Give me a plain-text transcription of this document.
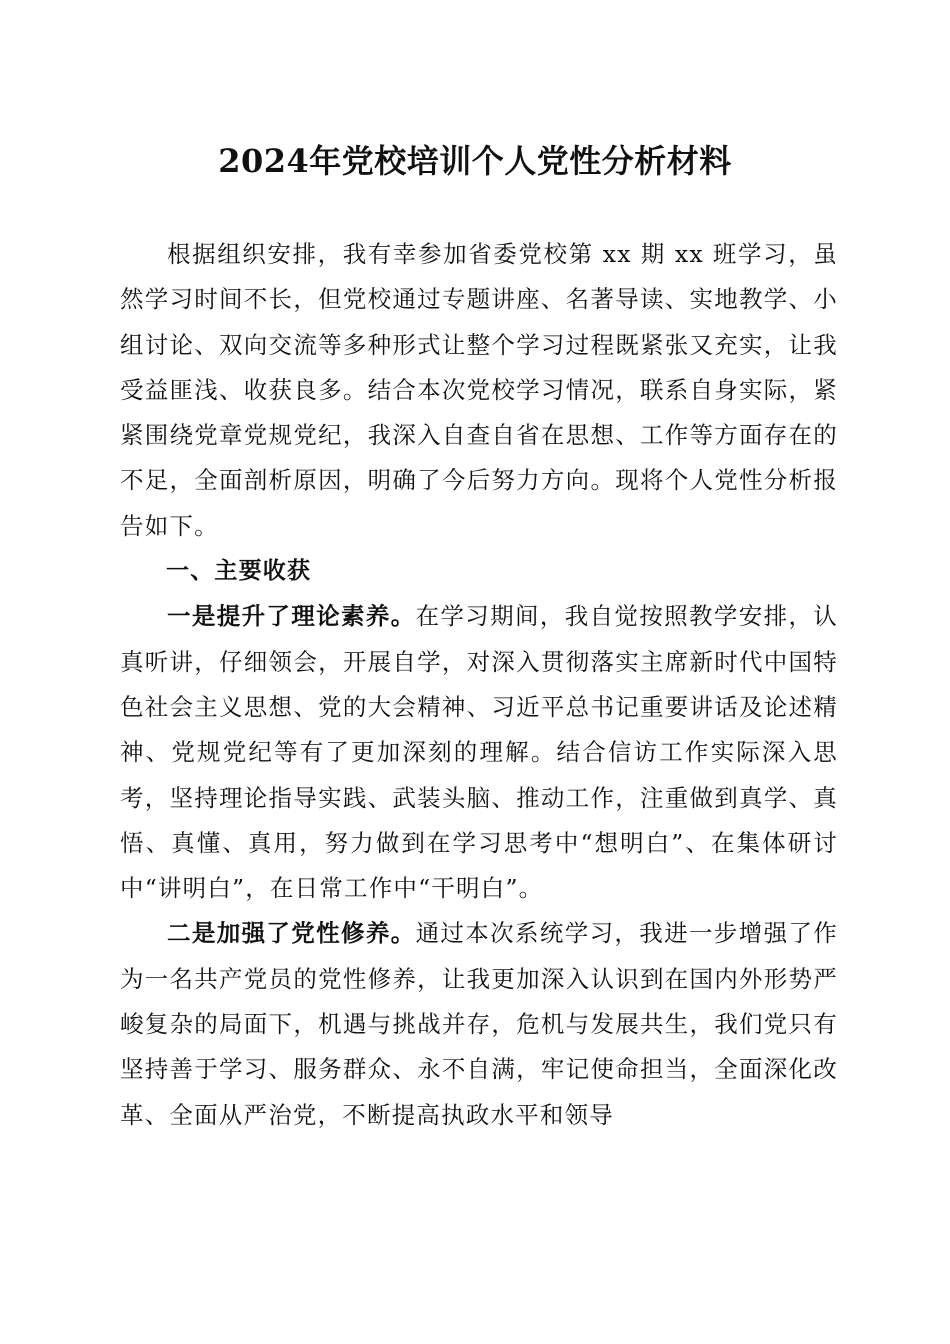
2024年党校培训个人党性分析材料

根据组织安排，我有幸参加省委党校第 xx 期 xx 班学习，虽然学习时间不长，但党校通过专题讲座、名著导读、实地教学、小组讨论、双向交流等多种形式让整个学习过程既紧张又充实，让我受益匪浅、收获良多。结合本次党校学习情况，联系自身实际，紧紧围绕党章党规党纪，我深入自查自省在思想、工作等方面存在的不足，全面剖析原因，明确了今后努力方向。现将个人党性分析报告如下。

一、主要收获

一是提升了理论素养。在学习期间，我自觉按照教学安排，认真听讲，仔细领会，开展自学，对深入贯彻落实主席新时代中国特色社会主义思想、党的大会精神、习近平总书记重要讲话及论述精神、党规党纪等有了更加深刻的理解。结合信访工作实际深入思考，坚持理论指导实践、武装头脑、推动工作，注重做到真学、真悟、真懂、真用，努力做到在学习思考中“想明白”、在集体研讨中“讲明白”，在日常工作中“干明白”。

二是加强了党性修养。通过本次系统学习，我进一步增强了作为一名共产党员的党性修养，让我更加深入认识到在国内外形势严峻复杂的局面下，机遇与挑战并存，危机与发展共生，我们党只有坚持善于学习、服务群众、永不自满，牢记使命担当，全面深化改革、全面从严治党，不断提高执政水平和领导
